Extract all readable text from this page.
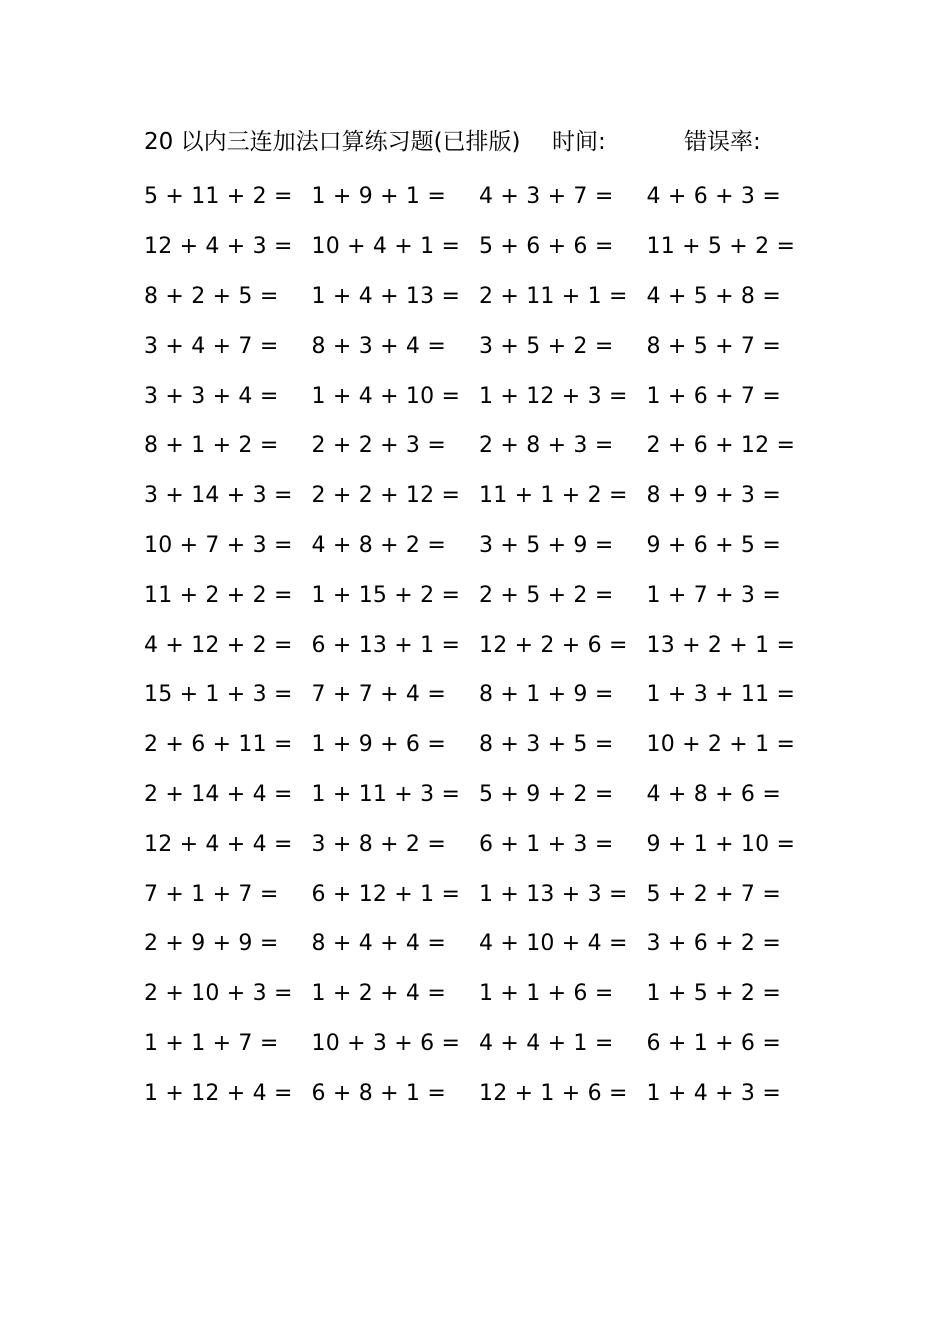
20 以内三连加法口算练习题(已排版) 时间:	错误率:
5 + 11 + 2 = 1 + 9 + 1 =	4 + 3 + 7 =	4 + 6 + 3 =
12 + 4 + 3 = 10 + 4 + 1 = 5 + 6 + 6 =	11 + 5 + 2 =
8 + 2 + 5 =	1 + 4 + 13 = 2 + 11 + 1 = 4 + 5 + 8 =
3 + 4 + 7 =	8 + 3 + 4 =	3 + 5 + 2 =	8 + 5 + 7 =
3 + 3 + 4 =	1 + 4 + 10 = 1 + 12 + 3 = 1 + 6 + 7 =
8 + 1 + 2 =	2 + 2 + 3 =	2 + 8 + 3 =	2 + 6 + 12 =
3 + 14 + 3 = 2 + 2 + 12 = 11 + 1 + 2 = 8 + 9 + 3 =
10 + 7 + 3 = 4 + 8 + 2 =	3 + 5 + 9 =	9 + 6 + 5 =
11 + 2 + 2 = 1 + 15 + 2 = 2 + 5 + 2 =	1 + 7 + 3 =
4 + 12 + 2 = 6 + 13 + 1 = 12 + 2 + 6 = 13 + 2 + 1 =
15 + 1 + 3 = 7 + 7 + 4 =	8 + 1 + 9 =	1 + 3 + 11 =
2 + 6 + 11 = 1 + 9 + 6 =	8 + 3 + 5 =	10 + 2 + 1 =
2 + 14 + 4 = 1 + 11 + 3 = 5 + 9 + 2 =	4 + 8 + 6 =
12 + 4 + 4 = 3 + 8 + 2 =	6 + 1 + 3 =	9 + 1 + 10 =
7 + 1 + 7 =	6 + 12 + 1 = 1 + 13 + 3 = 5 + 2 + 7 =
2 + 9 + 9 =	8 + 4 + 4 =	4 + 10 + 4 = 3 + 6 + 2 =
2 + 10 + 3 = 1 + 2 + 4 =	1 + 1 + 6 =	1 + 5 + 2 =
1 + 1 + 7 =	10 + 3 + 6 = 4 + 4 + 1 =	6 + 1 + 6 =
1 + 12 + 4 = 6 + 8 + 1 =	12 + 1 + 6 = 1 + 4 + 3 =
